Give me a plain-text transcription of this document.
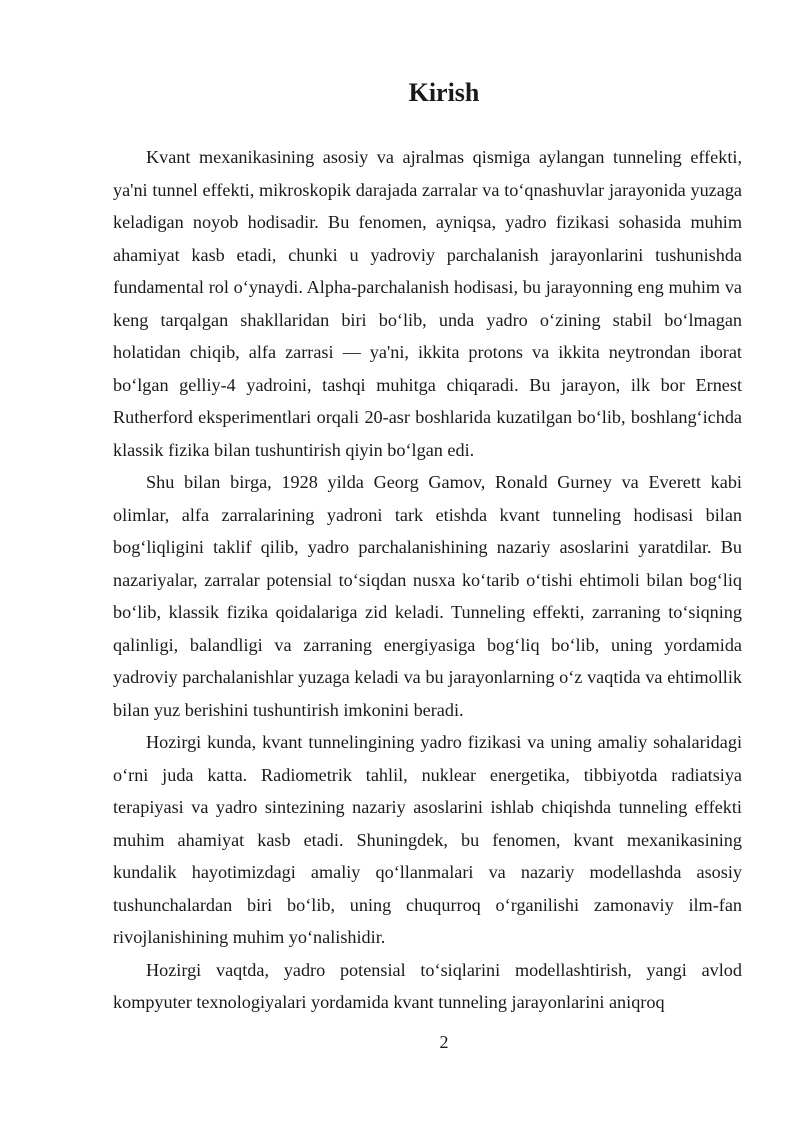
Kirish

Kvant mexanikasining asosiy va ajralmas qismiga aylangan tunneling effekti, ya'ni tunnel effekti, mikroskopik darajada zarralar va to‘qnashuvlar jarayonida yuzaga keladigan noyob hodisadir. Bu fenomen, ayniqsa, yadro fizikasi sohasida muhim ahamiyat kasb etadi, chunki u yadroviy parchalanish jarayonlarini tushunishda fundamental rol o‘ynaydi. Alpha-parchalanish hodisasi, bu jarayonning eng muhim va keng tarqalgan shakllaridan biri bo‘lib, unda yadro o‘zining stabil bo‘lmagan holatidan chiqib, alfa zarrasi — ya'ni, ikkita protons va ikkita neytrondan iborat bo‘lgan gelliy-4 yadroini, tashqi muhitga chiqaradi. Bu jarayon, ilk bor Ernest Rutherford eksperimentlari orqali 20-asr boshlarida kuzatilgan bo‘lib, boshlang‘ichda klassik fizika bilan tushuntirish qiyin bo‘lgan edi.

Shu bilan birga, 1928 yilda Georg Gamov, Ronald Gurney va Everett kabi olimlar, alfa zarralarining yadroni tark etishda kvant tunneling hodisasi bilan bog‘liqligini taklif qilib, yadro parchalanishining nazariy asoslarini yaratdilar. Bu nazariyalar, zarralar potensial to‘siqdan nusxa ko‘tarib o‘tishi ehtimoli bilan bog‘liq bo‘lib, klassik fizika qoidalariga zid keladi. Tunneling effekti, zarraning to‘siqning qalinligi, balandligi va zarraning energiyasiga bog‘liq bo‘lib, uning yordamida yadroviy parchalanishlar yuzaga keladi va bu jarayonlarning o‘z vaqtida va ehtimollik bilan yuz berishini tushuntirish imkonini beradi.

Hozirgi kunda, kvant tunnelingining yadro fizikasi va uning amaliy sohalaridagi o‘rni juda katta. Radiometrik tahlil, nuklear energetika, tibbiyotda radiatsiya terapiyasi va yadro sintezining nazariy asoslarini ishlab chiqishda tunneling effekti muhim ahamiyat kasb etadi. Shuningdek, bu fenomen, kvant mexanikasining kundalik hayotimizdagi amaliy qo‘llanmalari va nazariy modellashda asosiy tushunchalardan biri bo‘lib, uning chuqurroq o‘rganilishi zamonaviy ilm-fan rivojlanishining muhim yo‘nalishidir.

Hozirgi vaqtda, yadro potensial to‘siqlarini modellashtirish, yangi avlod kompyuter texnologiyalari yordamida kvant tunneling jarayonlarini aniqroq

2
